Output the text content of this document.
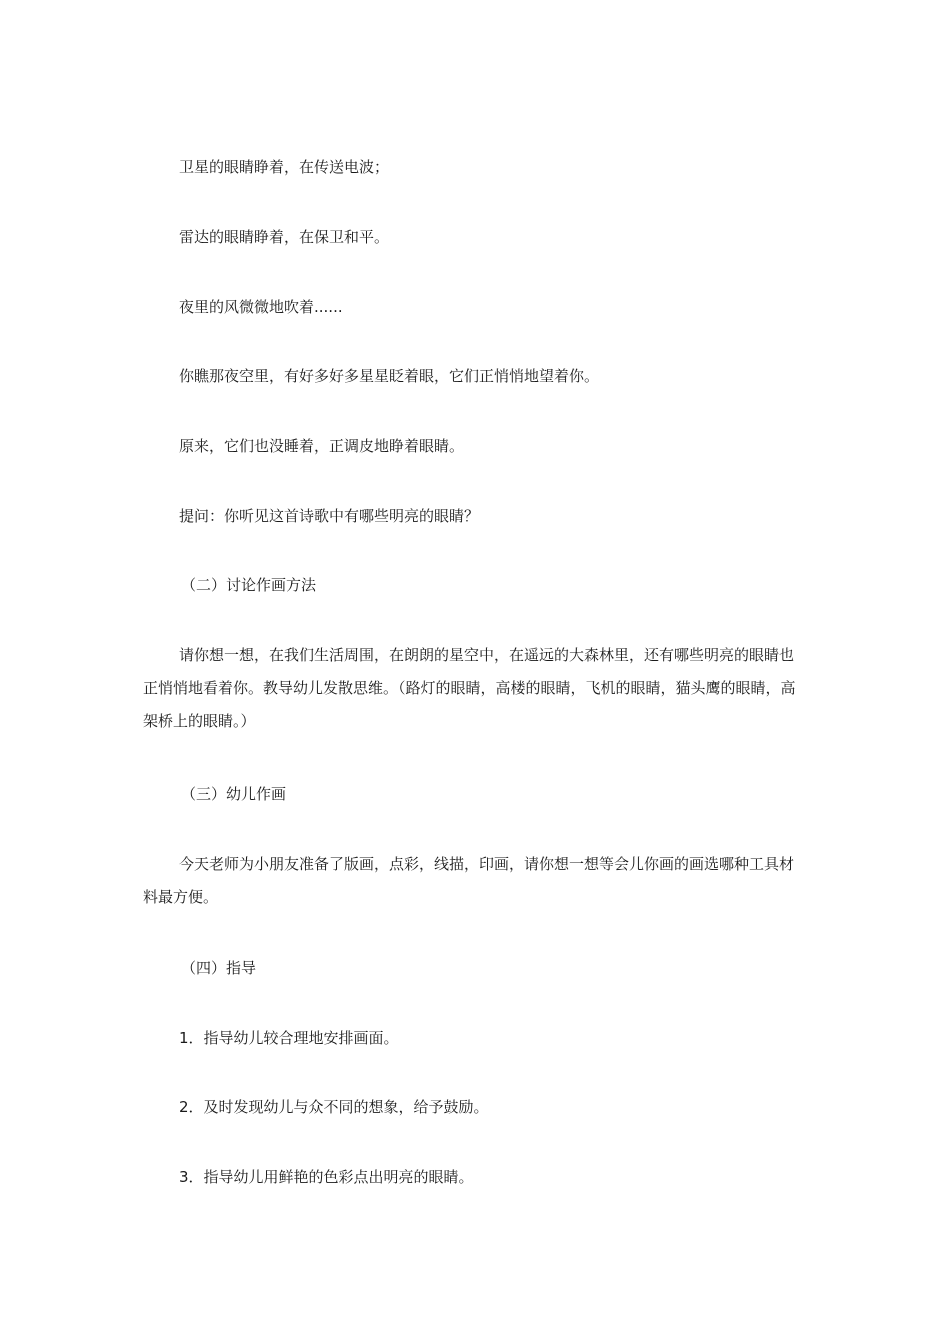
卫星的眼睛睁着，在传送电波；

雷达的眼睛睁着，在保卫和平。

夜里的风微微地吹着......

你瞧那夜空里，有好多好多星星眨着眼，它们正悄悄地望着你。

原来，它们也没睡着，正调皮地睁着眼睛。

提问：你听见这首诗歌中有哪些明亮的眼睛？

（二）讨论作画方法

请你想一想，在我们生活周围，在朗朗的星空中，在遥远的大森林里，还有哪些明亮的眼睛也正悄悄地看着你。教导幼儿发散思维。（路灯的眼睛，高楼的眼睛，飞机的眼睛，猫头鹰的眼睛，高架桥上的眼睛。）

（三）幼儿作画

今天老师为小朋友准备了版画，点彩，线描，印画，请你想一想等会儿你画的画选哪种工具材料最方便。

（四）指导

1．指导幼儿较合理地安排画面。

2．及时发现幼儿与众不同的想象，给予鼓励。

3．指导幼儿用鲜艳的色彩点出明亮的眼睛。
